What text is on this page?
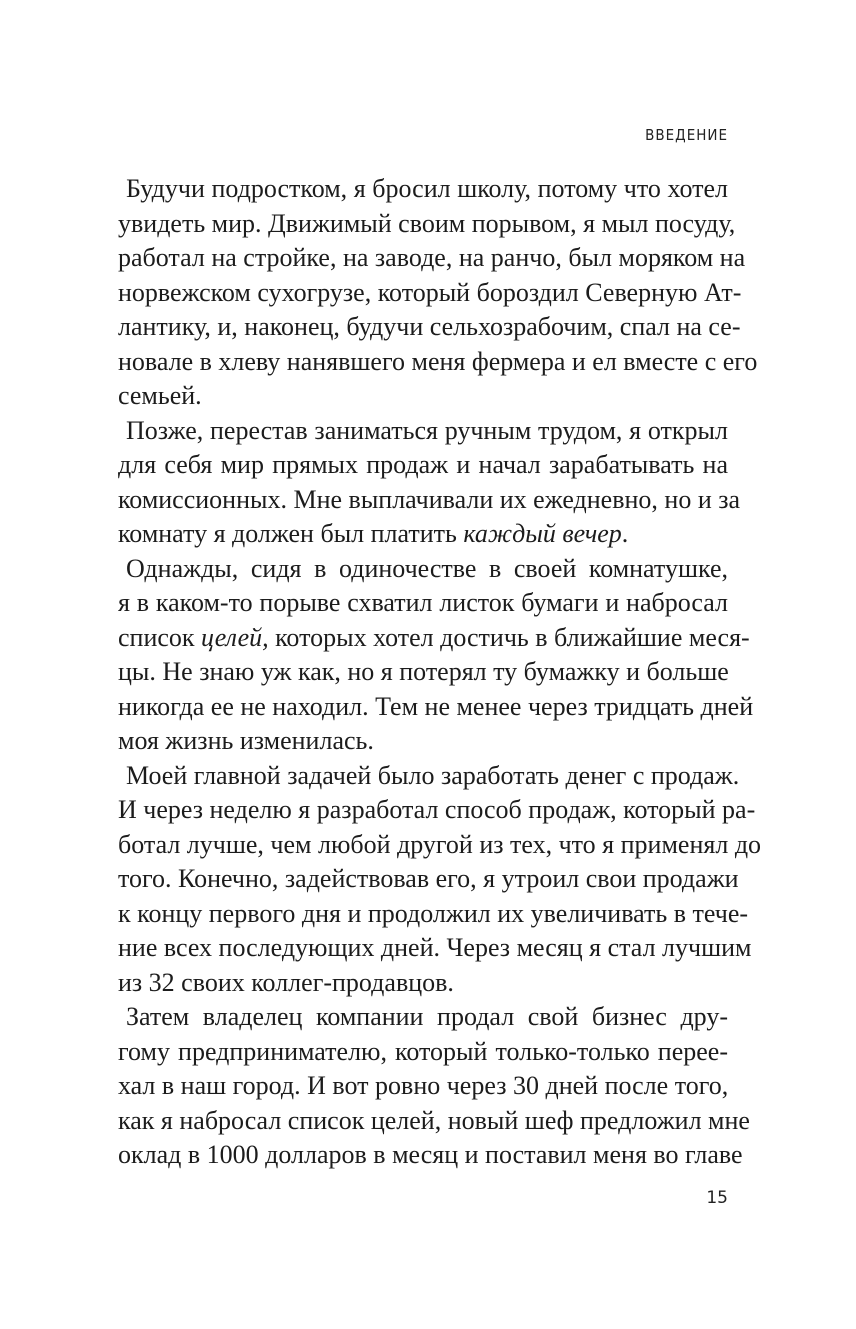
ВВЕДЕНИЕ

Будучи подростком, я бросил школу, потому что хотел
увидеть мир. Движимый своим порывом, я мыл посуду,
работал на стройке, на заводе, на ранчо, был моряком на
норвежском сухогрузе, который бороздил Северную Ат-
лантику, и, наконец, будучи сельхозрабочим, спал на се-
новале в хлеву нанявшего меня фермера и ел вместе с его
семьей.

Позже, перестав заниматься ручным трудом, я открыл
для себя мир прямых продаж и начал зарабатывать на
комиссионных. Мне выплачивали их ежедневно, но и за
комнату я должен был платить каждый вечер.

Однажды, сидя в одиночестве в своей комнатушке,
я в каком-то порыве схватил листок бумаги и набросал
список целей, которых хотел достичь в ближайшие меся-
цы. Не знаю уж как, но я потерял ту бумажку и больше
никогда ее не находил. Тем не менее через тридцать дней
моя жизнь изменилась.

Моей главной задачей было заработать денег с продаж.
И через неделю я разработал способ продаж, который ра-
ботал лучше, чем любой другой из тех, что я применял до
того. Конечно, задействовав его, я утроил свои продажи
к концу первого дня и продолжил их увеличивать в тече-
ние всех последующих дней. Через месяц я стал лучшим
из 32 своих коллег-продавцов.

Затем владелец компании продал свой бизнес дру-
гому предпринимателю, который только-только перее-
хал в наш город. И вот ровно через 30 дней после того,
как я набросал список целей, новый шеф предложил мне
оклад в 1000 долларов в месяц и поставил меня во главе

15
